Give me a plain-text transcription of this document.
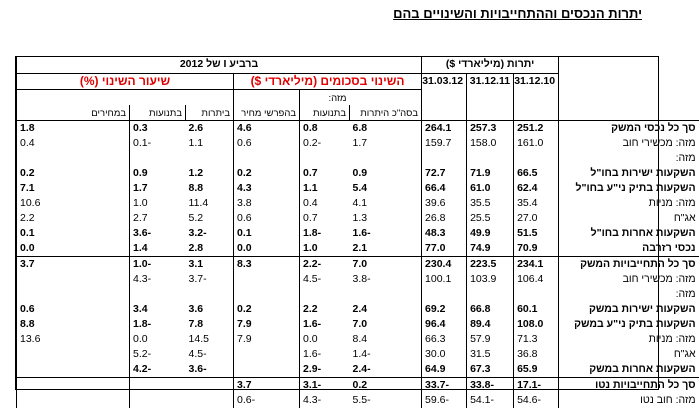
יתרות הנכסים וההתחייבויות והשינויים בהם
	יתרות (מיליארדי $)			ברביע I של 2012					
	31.12.10	31.12.11	31.03.12	השינוי בסכומים (מיליארדי $)			שיעור השינוי (%)		
					מזה:				
				בסה"כ היתרות	בתנועות	בהפרשי מחיר	ביתרות	בתנועות	במחירים
סך כל נכסי המשק	251.2	257.3	264.1	6.8	0.8	4.6	2.6	0.3	1.8
מזה: מכשירי חוב	161.0	158.0	159.7	1.7	-0.2	0.6	1.1	-0.1	0.4
מזה:									
השקעות ישירות בחו"ל	66.5	71.9	72.7	0.9	0.7	0.2	1.2	0.9	0.2
השקעות בתיק ני"ע בחו"ל	62.4	61.0	66.4	5.4	1.1	4.3	8.8	1.7	7.1
מזה: מניות	35.4	35.5	39.6	4.1	0.4	3.8	11.4	1.0	10.6
אג"ח	27.0	25.5	26.8	1.3	0.7	0.6	5.2	2.7	2.2
השקעות אחרות בחו"ל	51.5	49.9	48.3	-1.6	-1.8	0.1	-3.2	-3.6	0.1
נכסי רזרבה	70.9	74.9	77.0	2.1	1.0	0.0	2.8	1.4	0.0
סך כל התחייבויות המשק	234.1	223.5	230.4	7.0	-2.2	8.3	3.1	-1.0	3.7
מזה: מכשירי חוב	106.4	103.9	100.1	-3.8	-4.5		-3.7	-4.3	
מזה:									
השקעות ישירות במשק	60.1	66.8	69.2	2.4	2.2	0.2	3.6	3.4	0.6
השקעות בתיק ני"ע במשק	108.0	89.4	96.4	7.0	-1.6	7.9	7.8	-1.8	8.8
מזה: מניות	71.3	57.9	66.3	8.4	0.0	7.9	14.5	0.0	13.6
אג"ח	36.8	31.5	30.0	-1.4	-1.6		-4.5	-5.2	
השקעות אחרות במשק	65.9	67.3	64.9	-2.4	-2.9		-3.6	-4.2	
סך כל התחייבויות נטו	-17.1	-33.8	-33.7	0.2	-3.1	3.7			
מזה: חוב נטו	-54.6	-54.1	-59.6	-5.5	-4.3	-0.6			
